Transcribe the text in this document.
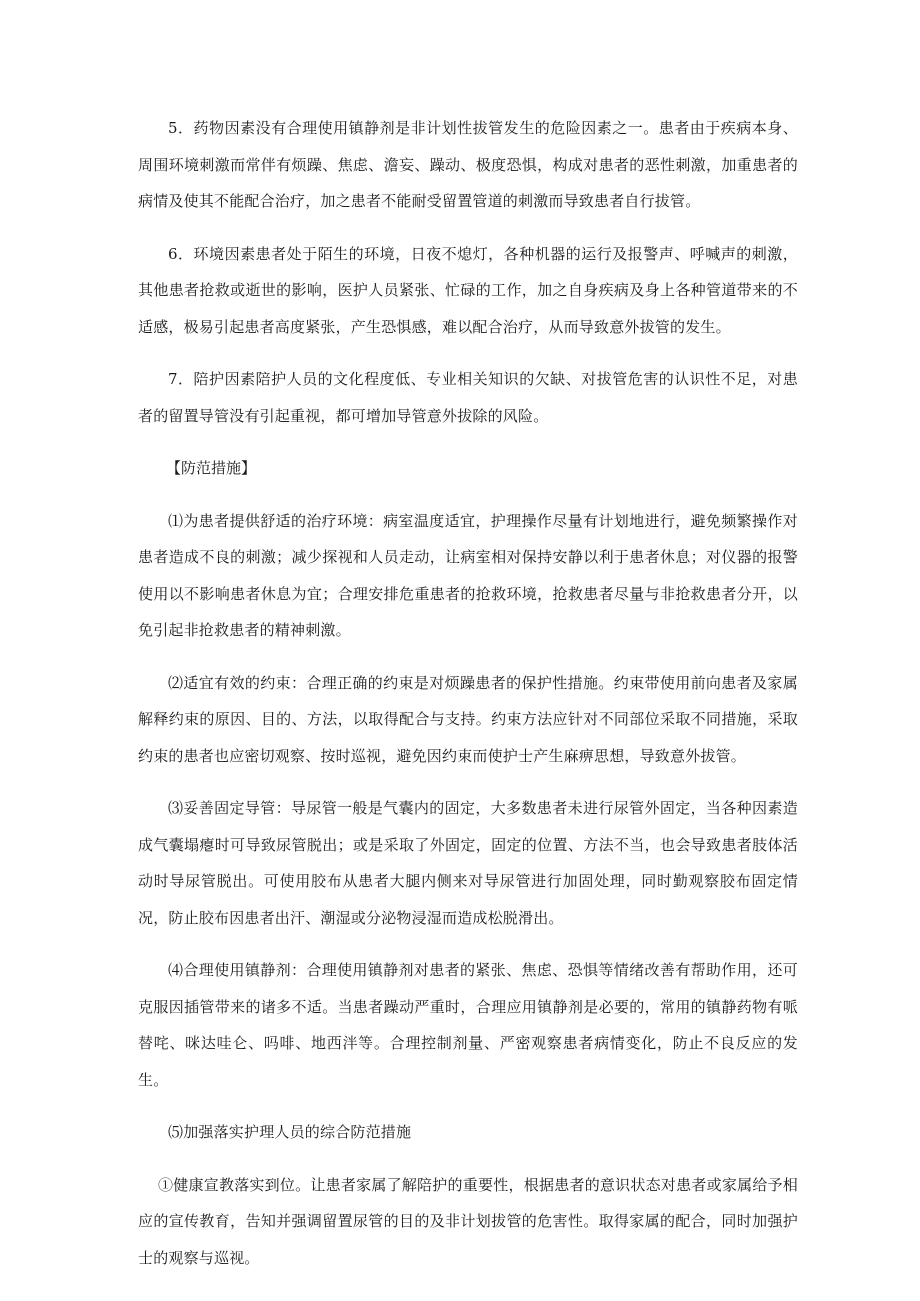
5．药物因素没有合理使用镇静剂是非计划性拔管发生的危险因素之一。患者由于疾病本身、周围环境刺激而常伴有烦躁、焦虑、澹妄、躁动、极度恐惧，构成对患者的恶性刺激，加重患者的病情及使其不能配合治疗，加之患者不能耐受留置管道的刺激而导致患者自行拔管。

6．环境因素患者处于陌生的环境，日夜不熄灯，各种机器的运行及报警声、呼喊声的刺激，其他患者抢救或逝世的影响，医护人员紧张、忙碌的工作，加之自身疾病及身上各种管道带来的不适感，极易引起患者高度紧张，产生恐惧感，难以配合治疗，从而导致意外拔管的发生。

7．陪护因素陪护人员的文化程度低、专业相关知识的欠缺、对拔管危害的认识性不足，对患者的留置导管没有引起重视，都可增加导管意外拔除的风险。

【防范措施】

⑴为患者提供舒适的治疗环境：病室温度适宜，护理操作尽量有计划地进行，避免频繁操作对患者造成不良的刺激；减少探视和人员走动，让病室相对保持安静以利于患者休息；对仪器的报警使用以不影响患者休息为宜；合理安排危重患者的抢救环境，抢救患者尽量与非抢救患者分开，以免引起非抢救患者的精神刺激。

⑵适宜有效的约束：合理正确的约束是对烦躁患者的保护性措施。约束带使用前向患者及家属解释约束的原因、目的、方法，以取得配合与支持。约束方法应针对不同部位采取不同措施，采取约束的患者也应密切观察、按时巡视，避免因约束而使护士产生麻痹思想，导致意外拔管。

⑶妥善固定导管：导尿管一般是气囊内的固定，大多数患者未进行尿管外固定，当各种因素造成气囊塌瘪时可导致尿管脱出；或是采取了外固定，固定的位置、方法不当，也会导致患者肢体活动时导尿管脱出。可使用胶布从患者大腿内侧来对导尿管进行加固处理，同时勤观察胶布固定情况，防止胶布因患者出汗、潮湿或分泌物浸湿而造成松脱滑出。

⑷合理使用镇静剂：合理使用镇静剂对患者的紧张、焦虑、恐惧等情绪改善有帮助作用，还可克服因插管带来的诸多不适。当患者躁动严重时，合理应用镇静剂是必要的，常用的镇静药物有哌替咤、咪达哇仑、吗啡、地西泮等。合理控制剂量、严密观察患者病情变化，防止不良反应的发生。

⑸加强落实护理人员的综合防范措施

①健康宣教落实到位。让患者家属了解陪护的重要性，根据患者的意识状态对患者或家属给予相应的宣传教育，告知并强调留置尿管的目的及非计划拔管的危害性。取得家属的配合，同时加强护士的观察与巡视。
